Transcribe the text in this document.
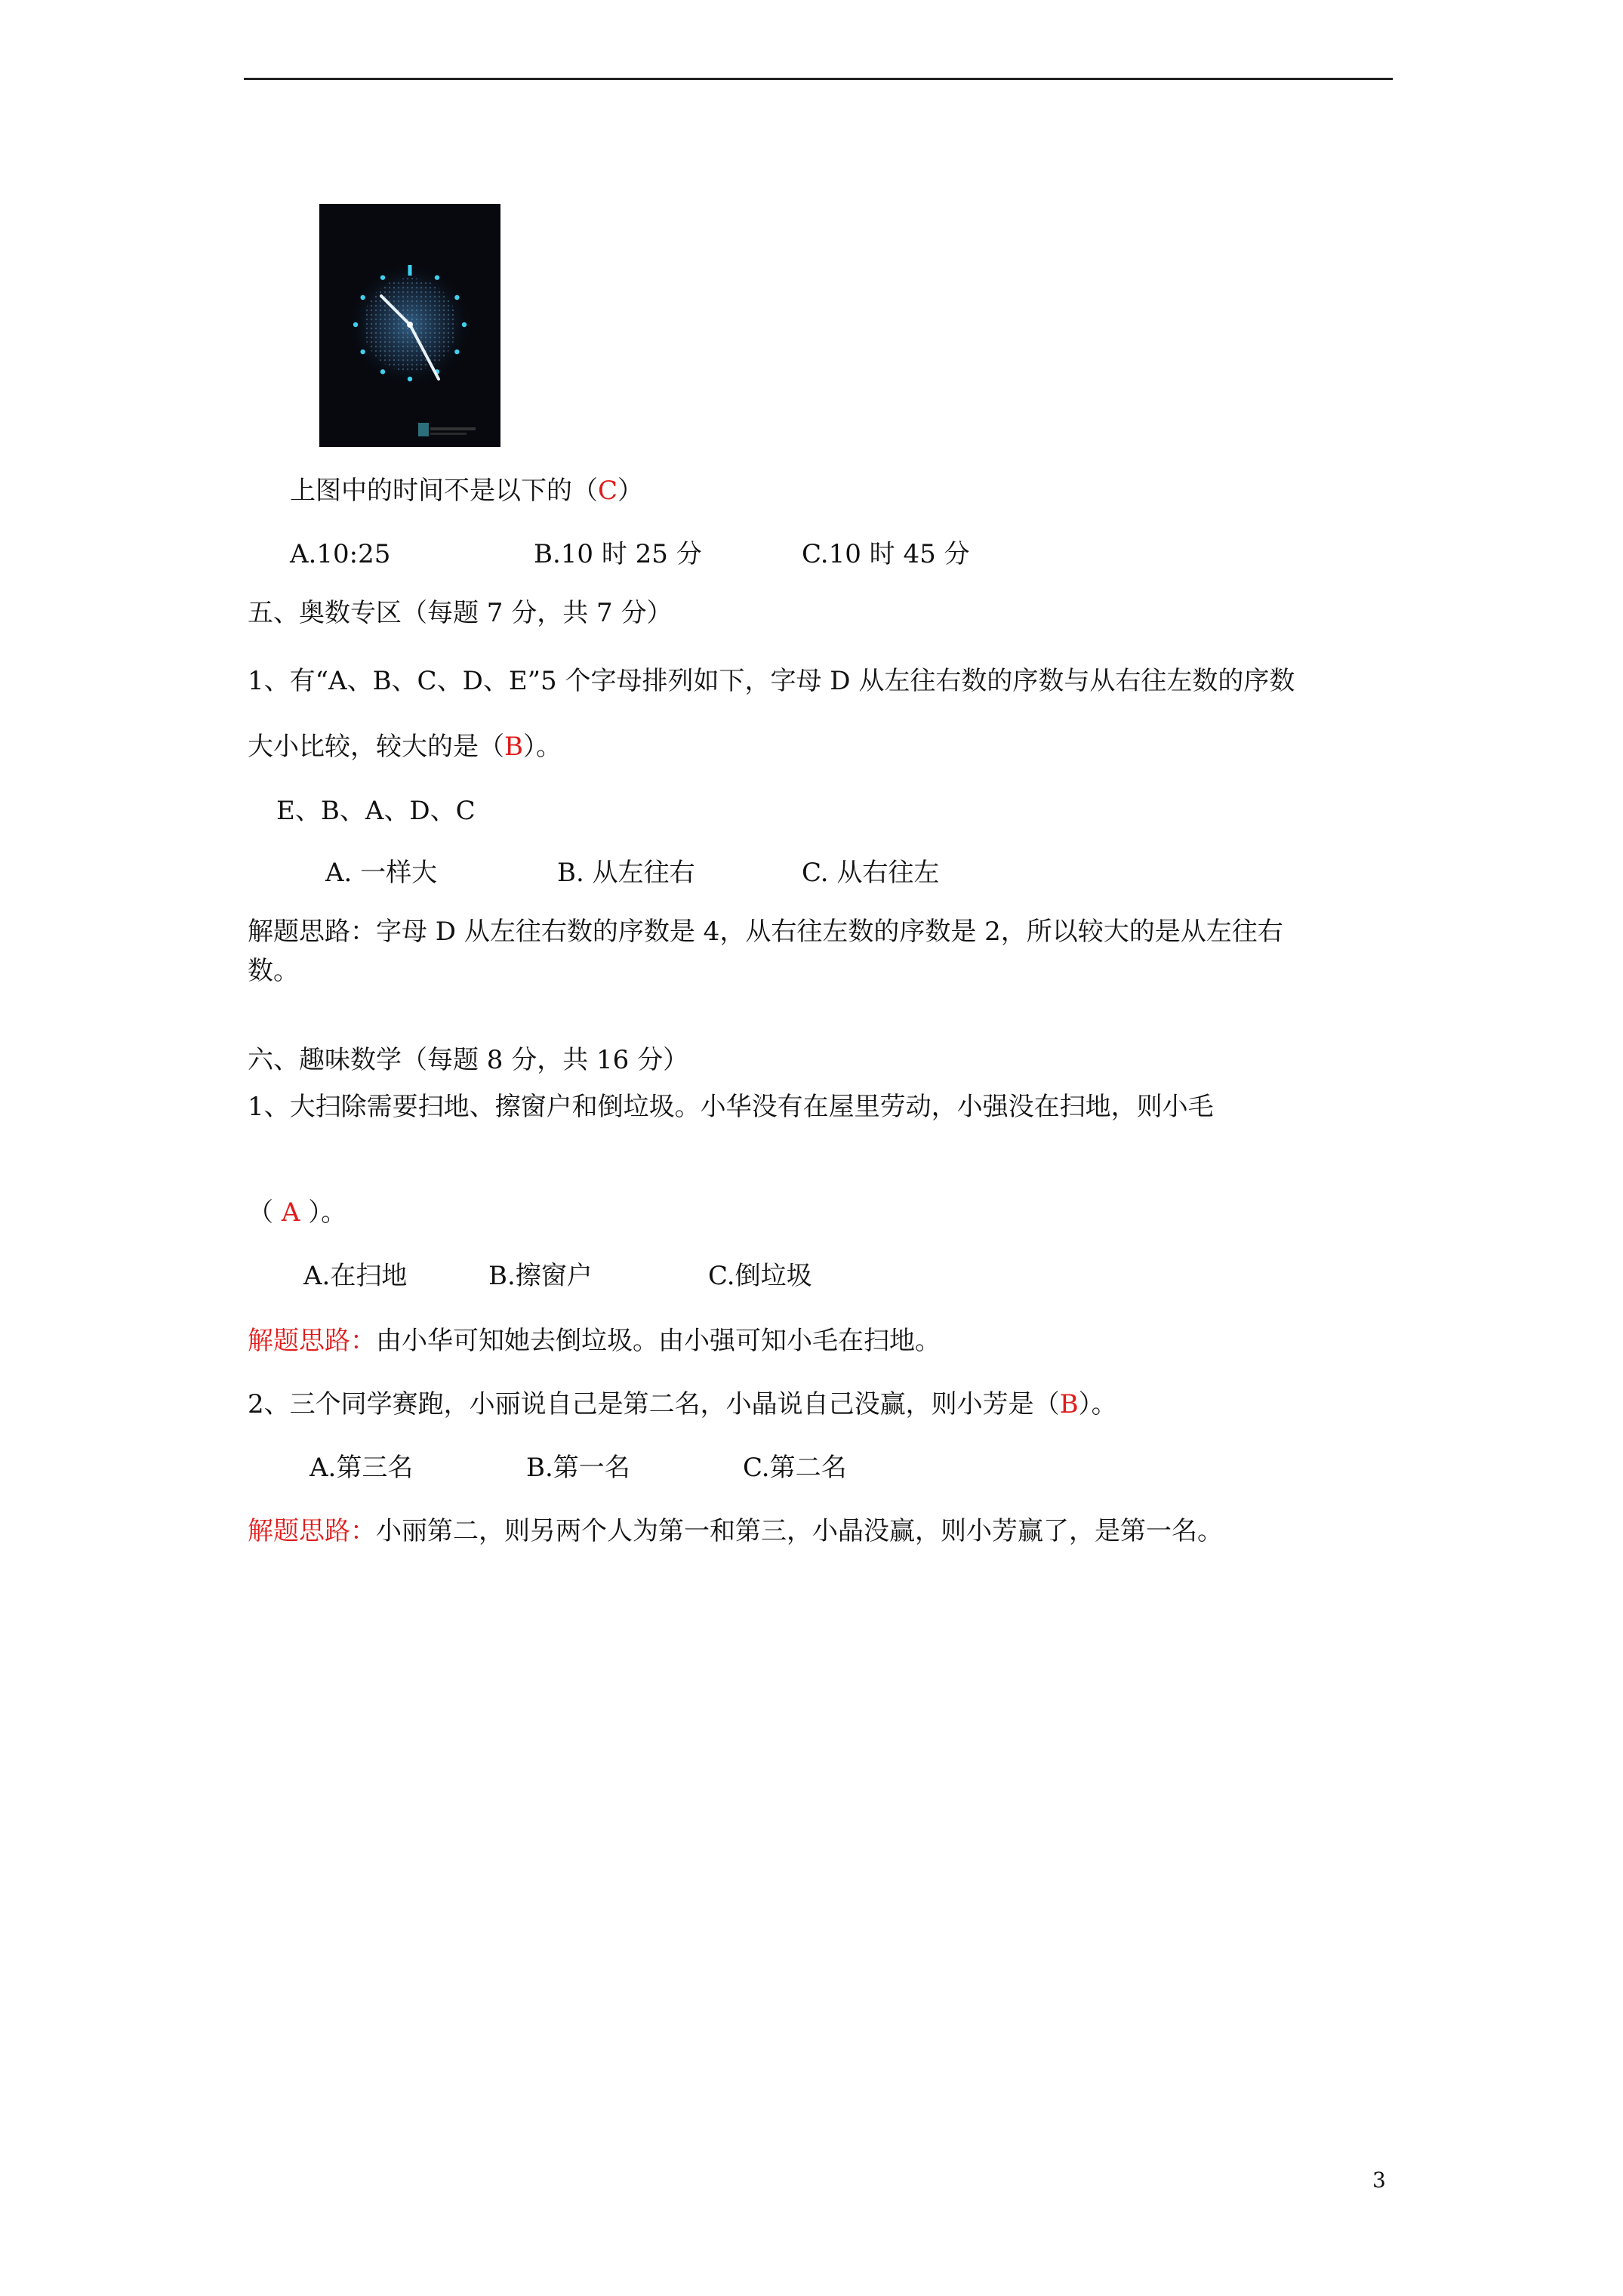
上图中的时间不是以下的（C）
A.10:25	B.10 时 25 分	C.10 时 45 分
五、奥数专区（每题 7 分，共 7 分）
1、有“A、B、C、D、E”5 个字母排列如下，字母 D 从左往右数的序数与从右往左数的序数
大小比较，较大的是（B）。
E、B、A、D、C
A. 一样大	B. 从左往右	C. 从右往左
解题思路：字母 D 从左往右数的序数是 4，从右往左数的序数是 2，所以较大的是从左往右
数。
六、趣味数学（每题 8 分，共 16 分）
1、大扫除需要扫地、擦窗户和倒垃圾。小华没有在屋里劳动，小强没在扫地，则小毛
（ A ）。
A.在扫地	B.擦窗户	C.倒垃圾
解题思路：由小华可知她去倒垃圾。由小强可知小毛在扫地。
2、三个同学赛跑，小丽说自己是第二名，小晶说自己没赢，则小芳是（B）。
A.第三名	B.第一名	C.第二名
解题思路：小丽第二，则另两个人为第一和第三，小晶没赢，则小芳赢了，是第一名。
3
